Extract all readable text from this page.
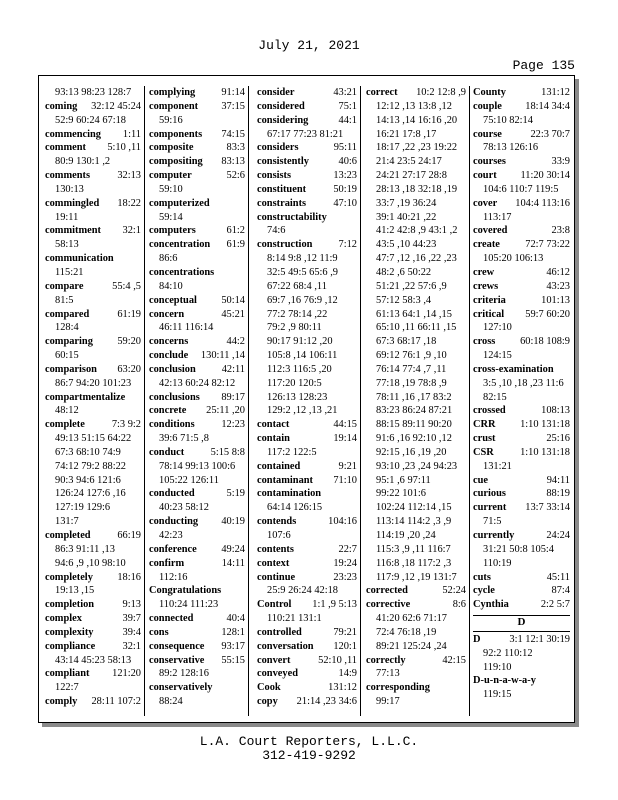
July 21, 2021
Page 135
93:13 98:23 128:7
coming 32:12 45:24
52:9 60:24 67:18
commencing 1:11
comment 5:10 ,11
80:9 130:1 ,2
comments	32:13
130:13
commingled 18:22
19:11
commitment 32:1
58:13
communication
115:21
compare	55:4 ,5
81:5
compared	61:19
128:4
comparing 59:20
60:15
comparison 63:20
86:7 94:20 101:23
compartmentalize
48:12
complete	7:3 9:2
49:13 51:15 64:22
67:3 68:10 74:9
74:12 79:2 88:22
90:3 94:6 121:6
126:24 127:6 ,16
127:19 129:6
131:7
completed	66:19
86:3 91:11 ,13
94:6 ,9 ,10 98:10
completely 18:16
19:13 ,15
completion	9:13
complex	39:7
complexity	39:4
compliance	32:1
43:14 45:23 58:13
compliant 121:20
122:7
comply 28:11 107:2
complying	91:14
component 37:15
59:16
components 74:15
composite	83:3
compositing 83:13
computer	52:6
59:10
computerized
59:14
computers	61:2
concentration 61:9
86:6
concentrations
84:10
conceptual 50:14
concern	45:21
46:11 116:14
concerns	44:2
conclude 130:11 ,14
conclusion 42:11
42:13 60:24 82:12
conclusions 89:17
concrete 25:11 ,20
conditions	12:23
39:6 71:5 ,8
conduct	5:15 8:8
78:14 99:13 100:6
105:22 126:11
conducted	5:19
40:23 58:12
conducting 40:19
42:23
conference 49:24
confirm	14:11
112:16
Congratulations
110:24 111:23
connected	40:4
cons	128:1
consequence 93:17
conservative 55:15
89:2 128:16
conservatively
88:24
consider	43:21
considered	75:1
considering	44:1
67:17 77:23 81:21
considers	95:11
consistently	40:6
consists	13:23
constituent	50:19
constraints	47:10
constructability
74:6
construction	7:12
8:14 9:8 ,12 11:9
32:5 49:5 65:6 ,9
67:22 68:4 ,11
69:7 ,16 76:9 ,12
77:2 78:14 ,22
79:2 ,9 80:11
90:17 91:12 ,20
105:8 ,14 106:11
112:3 116:5 ,20
117:20 120:5
126:13 128:23
129:2 ,12 ,13 ,21
contact	44:15
contain	19:14
117:2 122:5
contained	9:21
contaminant 71:10
contamination
64:14 126:15
contends	104:16
107:6
contents	22:7
context	19:24
continue	23:23
25:9 26:24 42:18
Control 1:1 ,9 5:13
110:21 131:1
controlled	79:21
conversation 120:1
convert	52:10 ,11
conveyed	14:9
Cook	131:12
copy 21:14 ,23 34:6
correct 10:2 12:8 ,9
12:12 ,13 13:8 ,12
14:13 ,14 16:16 ,20
16:21 17:8 ,17
18:17 ,22 ,23 19:22
21:4 23:5 24:17
24:21 27:17 28:8
28:13 ,18 32:18 ,19
33:7 ,19 36:24
39:1 40:21 ,22
41:2 42:8 ,9 43:1 ,2
43:5 ,10 44:23
47:7 ,12 ,16 ,22 ,23
48:2 ,6 50:22
51:21 ,22 57:6 ,9
57:12 58:3 ,4
61:13 64:1 ,14 ,15
65:10 ,11 66:11 ,15
67:3 68:17 ,18
69:12 76:1 ,9 ,10
76:14 77:4 ,7 ,11
77:18 ,19 78:8 ,9
78:11 ,16 ,17 83:2
83:23 86:24 87:21
88:15 89:11 90:20
91:6 ,16 92:10 ,12
92:15 ,16 ,19 ,20
93:10 ,23 ,24 94:23
95:1 ,6 97:11
99:22 101:6
102:24 112:14 ,15
113:14 114:2 ,3 ,9
114:19 ,20 ,24
115:3 ,9 ,11 116:7
116:8 ,18 117:2 ,3
117:9 ,12 ,19 131:7
corrected	52:24
corrective	8:6
41:20 62:6 71:17
72:4 76:18 ,19
89:21 125:24 ,24
correctly	42:15
77:13
corresponding
99:17
County	131:12
couple 18:14 34:4
75:10 82:14
course	22:3 70:7
78:13 126:16
courses	33:9
court 11:20 30:14
104:6 110:7 119:5
cover 104:4 113:16
113:17
covered	23:8
create 72:7 73:22
105:20 106:13
crew	46:12
crews	43:23
criteria	101:13
critical 59:7 60:20
127:10
cross 60:18 108:9
124:15
cross-examination
3:5 ,10 ,18 ,23 11:6
82:15
crossed	108:13
CRR 1:10 131:18
crust	25:16
CSR	1:10 131:18
131:21
cue	94:11
curious	88:19
current 13:7 33:14
71:5
currently	24:24
31:21 50:8 105:4
110:19
cuts	45:11
cycle	87:4
Cynthia	2:2 5:7
D
D	3:1 12:1 30:19
92:2 110:12
119:10
D-u-n-a-w-a-y
119:15
L.A. Court Reporters, L.L.C.
312-419-9292
